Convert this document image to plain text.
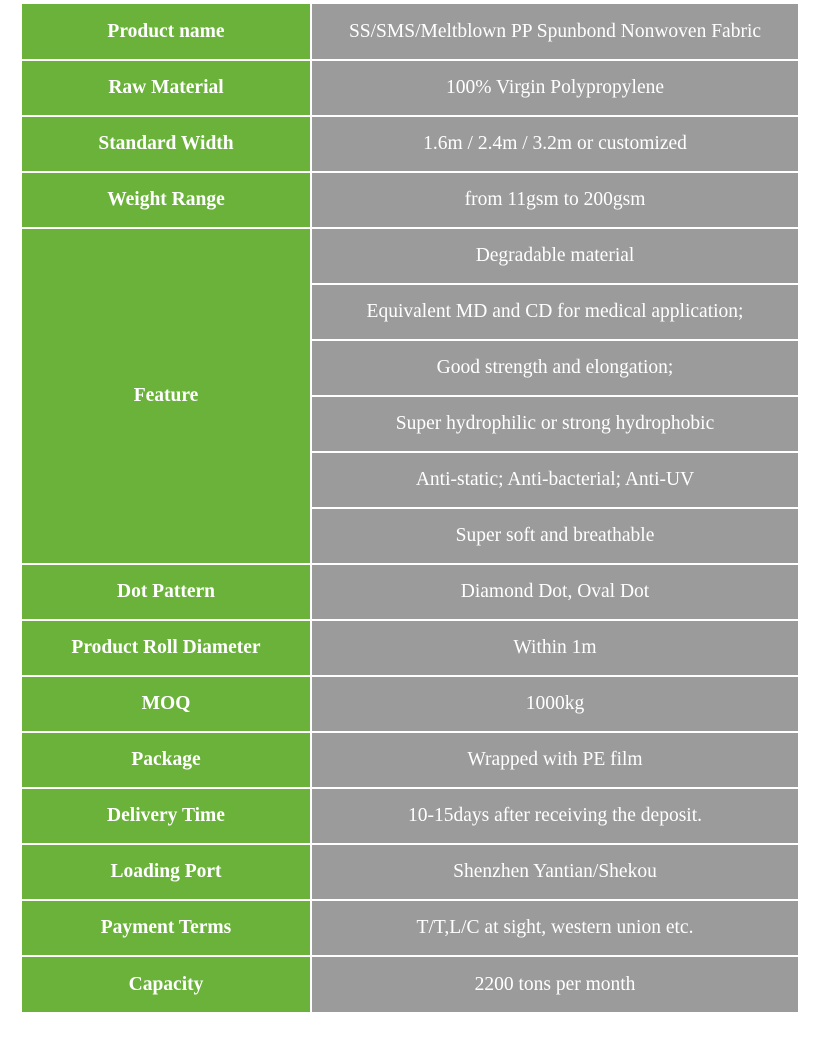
Product name	SS/SMS/Meltblown PP Spunbond Nonwoven Fabric
Raw Material	100% Virgin Polypropylene
Standard Width	1.6m / 2.4m / 3.2m or customized
Weight Range	from 11gsm to 200gsm
Feature	Degradable material
	Equivalent MD and CD for medical application;
	Good strength and elongation;
	Super hydrophilic or strong hydrophobic
	Anti-static; Anti-bacterial; Anti-UV
	Super soft and breathable
Dot Pattern	Diamond Dot, Oval Dot
Product Roll Diameter	Within 1m
MOQ	1000kg
Package	Wrapped with PE film
Delivery Time	10-15days after receiving the deposit.
Loading Port	Shenzhen Yantian/Shekou
Payment Terms	T/T,L/C at sight, western union etc.
Capacity	2200 tons per month
